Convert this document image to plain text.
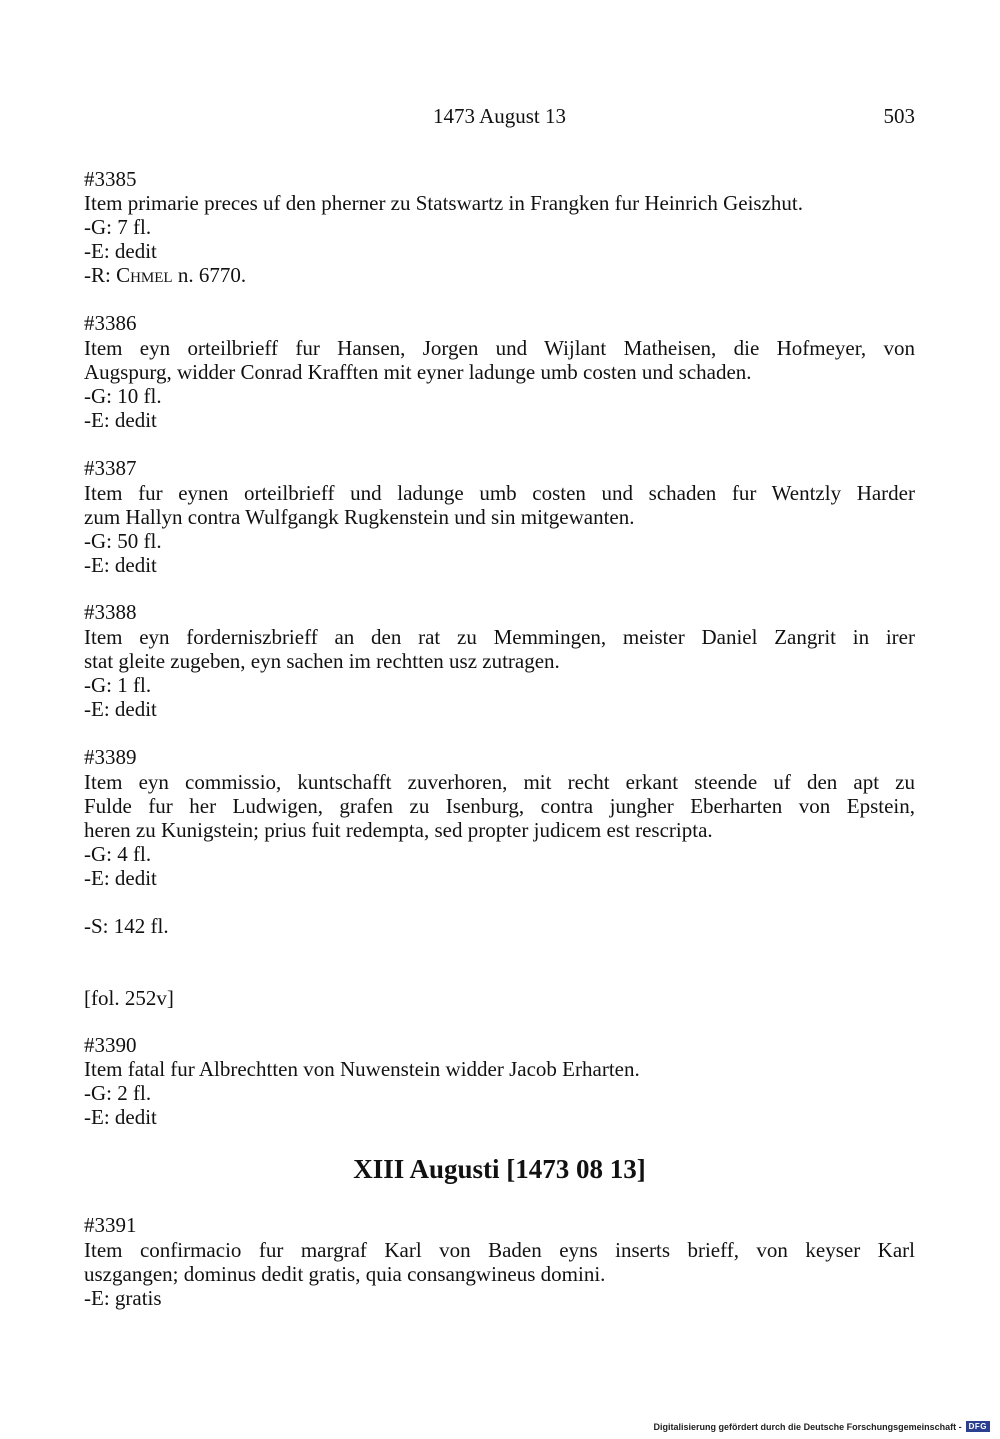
1473 August 13	503
#3385
Item primarie preces uf den pherner zu Statswartz in Frangken fur Heinrich Geiszhut.
-G: 7 fl.
-E: dedit
-R: Chmel n. 6770.
#3386
Item eyn orteilbrieff fur Hansen, Jorgen und Wijlant Matheisen, die Hofmeyer, von
Augspurg, widder Conrad Krafften mit eyner ladunge umb costen und schaden.
-G: 10 fl.
-E: dedit
#3387
Item fur eynen orteilbrieff und ladunge umb costen und schaden fur Wentzly Harder
zum Hallyn contra Wulfgangk Rugkenstein und sin mitgewanten.
-G: 50 fl.
-E: dedit
#3388
Item eyn forderniszbrieff an den rat zu Memmingen, meister Daniel Zangrit in irer
stat gleite zugeben, eyn sachen im rechtten usz zutragen.
-G: 1 fl.
-E: dedit
#3389
Item eyn commissio, kuntschafft zuverhoren, mit recht erkant steende uf den apt zu
Fulde fur her Ludwigen, grafen zu Isenburg, contra jungher Eberharten von Epstein,
heren zu Kunigstein; prius fuit redempta, sed propter judicem est rescripta.
-G: 4 fl.
-E: dedit
-S: 142 fl.
[fol. 252v]
#3390
Item fatal fur Albrechtten von Nuwenstein widder Jacob Erharten.
-G: 2 fl.
-E: dedit
XIII Augusti [1473 08 13]
#3391
Item confirmacio fur margraf Karl von Baden eyns inserts brieff, von keyser Karl
uszgangen; dominus dedit gratis, quia consangwineus domini.
-E: gratis
Digitalisierung gefördert durch die Deutsche Forschungsgemeinschaft - DFG
